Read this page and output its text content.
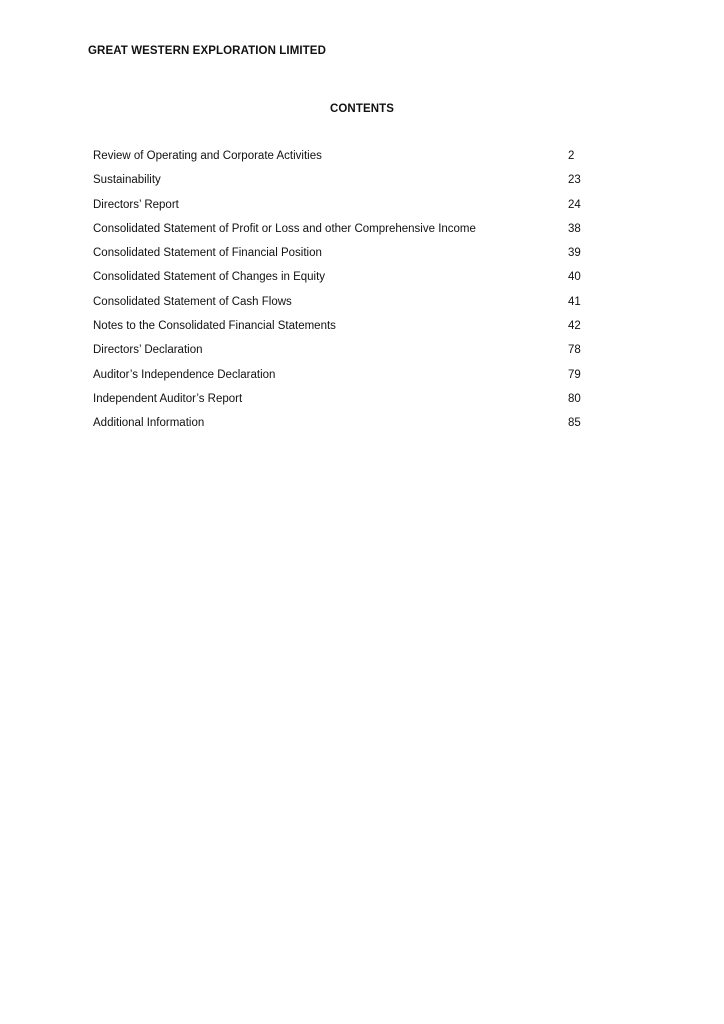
GREAT WESTERN EXPLORATION LIMITED
CONTENTS
Review of Operating and Corporate Activities	2
Sustainability	23
Directors’ Report	24
Consolidated Statement of Profit or Loss and other Comprehensive Income	38
Consolidated Statement of Financial Position	39
Consolidated Statement of Changes in Equity	40
Consolidated Statement of Cash Flows	41
Notes to the Consolidated Financial Statements	42
Directors’ Declaration	78
Auditor’s Independence Declaration	79
Independent Auditor’s Report	80
Additional Information	85
